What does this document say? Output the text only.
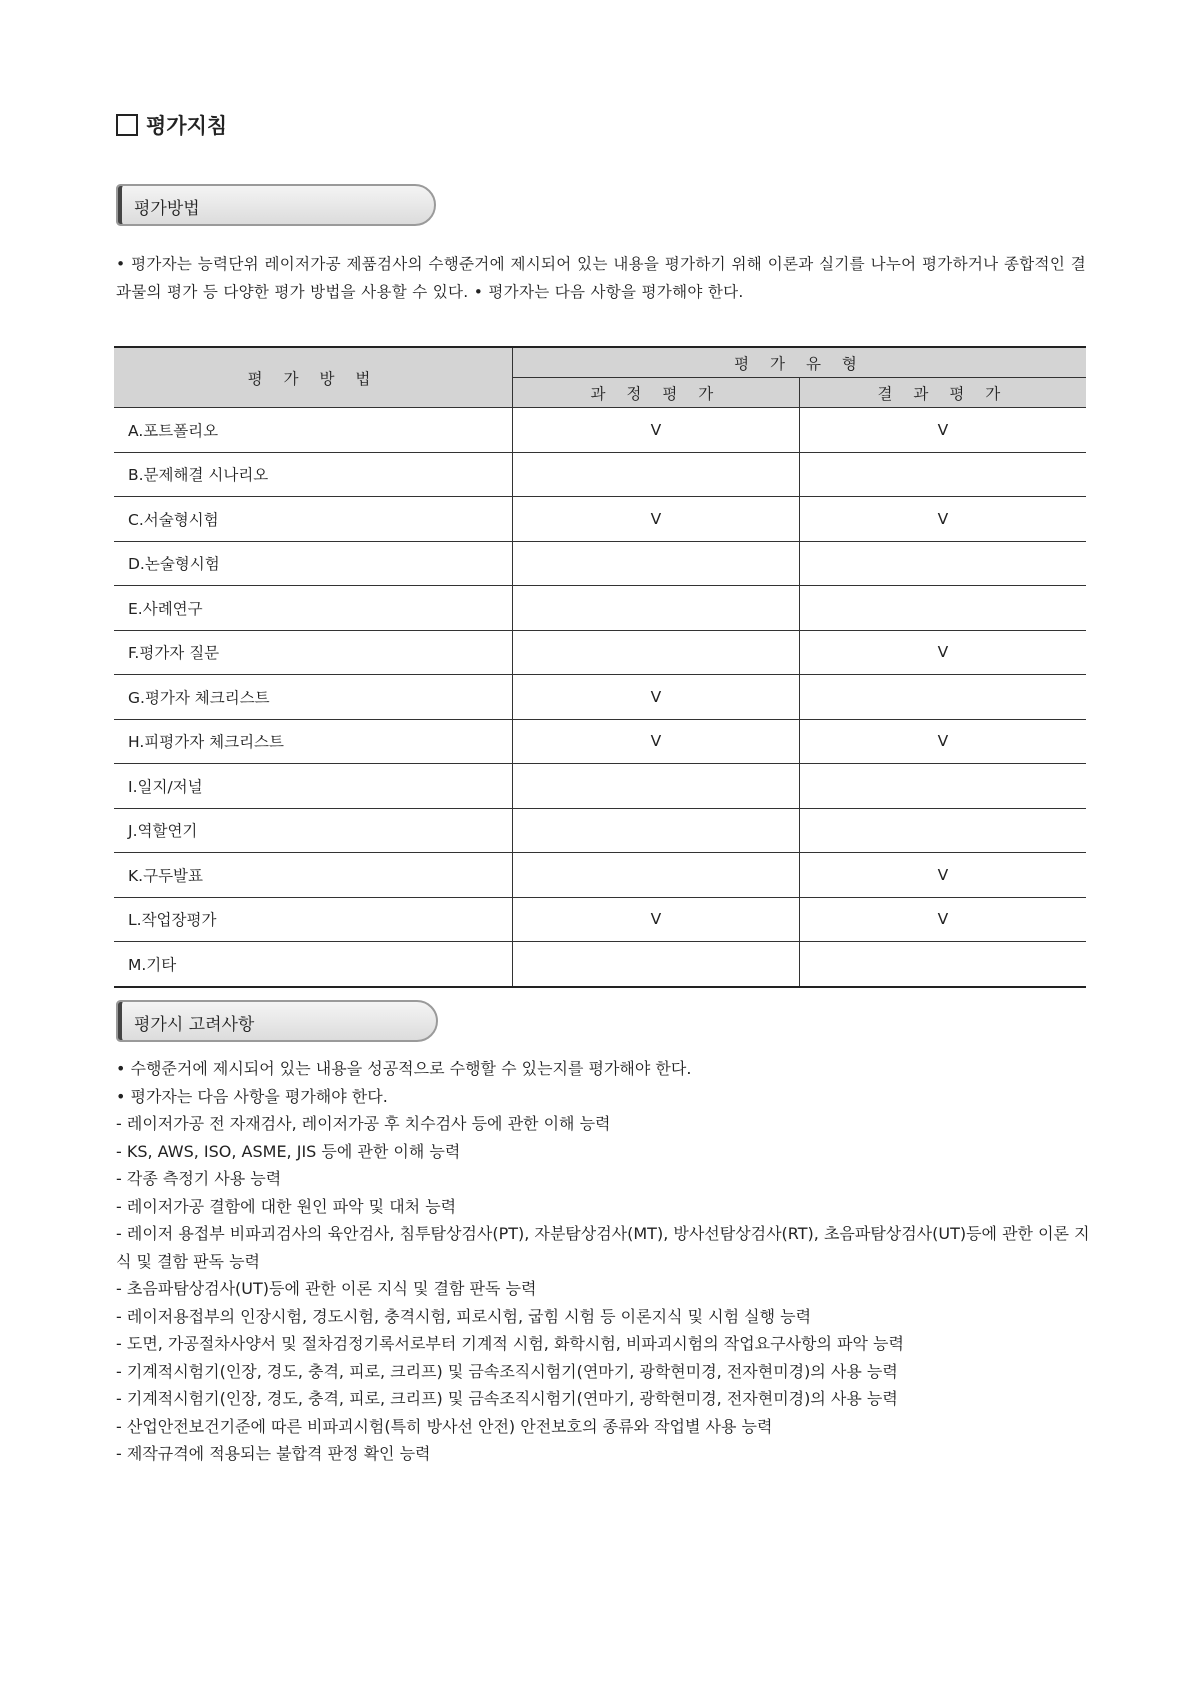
평가지침
평가방법
• 평가자는 능력단위 레이저가공 제품검사의 수행준거에 제시되어 있는 내용을 평가하기 위해 이론과 실기를 나누어 평가하거나 종합적인 결과물의 평가 등 다양한 평가 방법을 사용할 수 있다. • 평가자는 다음 사항을 평가해야 한다.
평 가 방 법	평 가 유 형	
	과 정 평 가	결 과 평 가
A.포트폴리오	V	V
B.문제해결 시나리오		
C.서술형시험	V	V
D.논술형시험		
E.사례연구		
F.평가자 질문		V
G.평가자 체크리스트	V	
H.피평가자 체크리스트	V	V
I.일지/저널		
J.역할연기		
K.구두발표		V
L.작업장평가	V	V
M.기타		
평가시 고려사항
• 수행준거에 제시되어 있는 내용을 성공적으로 수행할 수 있는지를 평가해야 한다.
• 평가자는 다음 사항을 평가해야 한다.
- 레이저가공 전 자재검사, 레이저가공 후 치수검사 등에 관한 이해 능력
- KS, AWS, ISO, ASME, JIS 등에 관한 이해 능력
- 각종 측정기 사용 능력
- 레이저가공 결함에 대한 원인 파악 및 대처 능력
- 레이저 용접부 비파괴검사의 육안검사, 침투탐상검사(PT), 자분탐상검사(MT), 방사선탐상검사(RT), 초음파탐상검사(UT)등에 관한 이론 지식 및 결함 판독 능력
- 초음파탐상검사(UT)등에 관한 이론 지식 및 결함 판독 능력
- 레이저용접부의 인장시험, 경도시험, 충격시험, 피로시험, 굽힘 시험 등 이론지식 및 시험 실행 능력
- 도면, 가공절차사양서 및 절차검정기록서로부터 기계적 시험, 화학시험, 비파괴시험의 작업요구사항의 파악 능력
- 기계적시험기(인장, 경도, 충격, 피로, 크리프) 및 금속조직시험기(연마기, 광학현미경, 전자현미경)의 사용 능력
- 기계적시험기(인장, 경도, 충격, 피로, 크리프) 및 금속조직시험기(연마기, 광학현미경, 전자현미경)의 사용 능력
- 산업안전보건기준에 따른 비파괴시험(특히 방사선 안전) 안전보호의 종류와 작업별 사용 능력
- 제작규격에 적용되는 불합격 판정 확인 능력
